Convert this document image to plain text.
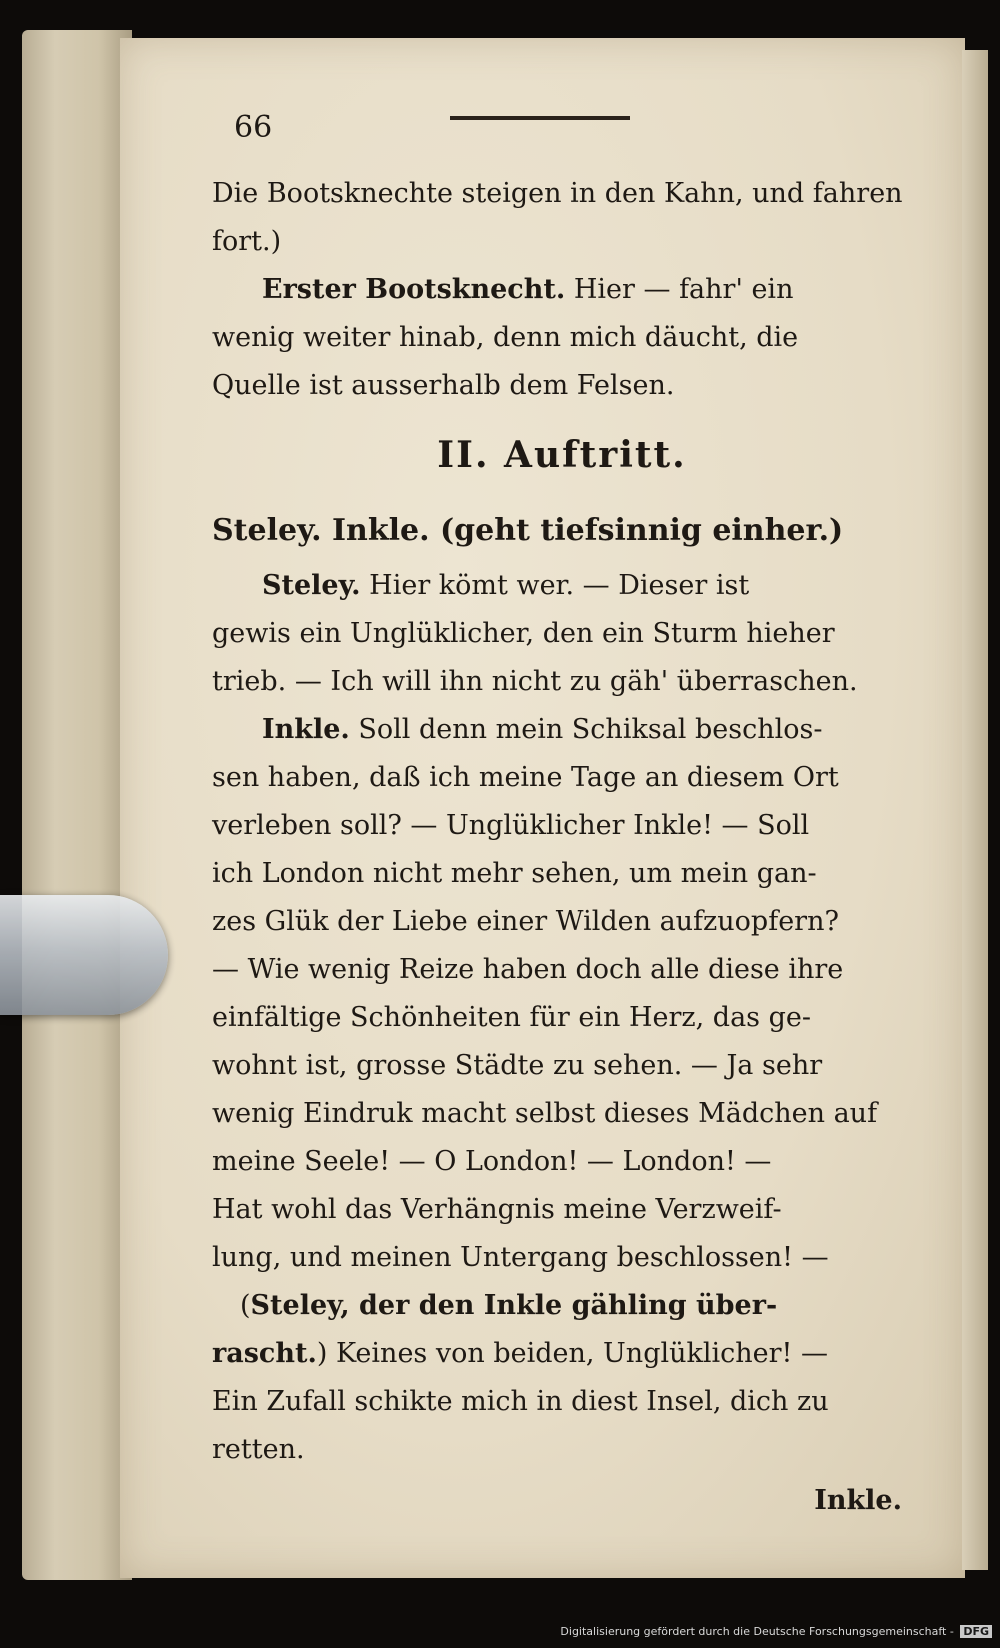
66
Die Bootsknechte steigen in den Kahn, und fahren
fort.)
Erster Bootsknecht. Hier — fahr' ein
wenig weiter hinab, denn mich däucht, die
Quelle ist ausserhalb dem Felsen.
II. Auftritt.
Steley. Inkle. (geht tiefsinnig einher.)
Steley. Hier kömt wer. — Dieser ist
gewis ein Unglüklicher, den ein Sturm hieher
trieb. — Ich will ihn nicht zu gäh' überraschen.
Inkle. Soll denn mein Schiksal beschlos-
sen haben, daß ich meine Tage an diesem Ort
verleben soll? — Unglüklicher Inkle! — Soll
ich London nicht mehr sehen, um mein gan-
zes Glük der Liebe einer Wilden aufzuopfern?
— Wie wenig Reize haben doch alle diese ihre
einfältige Schönheiten für ein Herz, das ge-
wohnt ist, grosse Städte zu sehen. — Ja sehr
wenig Eindruk macht selbst dieses Mädchen auf
meine Seele! — O London! — London! —
Hat wohl das Verhängnis meine Verzweif-
lung, und meinen Untergang beschlossen! —
(Steley, der den Inkle gähling über-
rascht.) Keines von beiden, Unglüklicher! —
Ein Zufall schikte mich in diest Insel, dich zu
retten.
Inkle.
Digitalisierung gefördert durch die Deutsche Forschungsgemeinschaft - DFG
